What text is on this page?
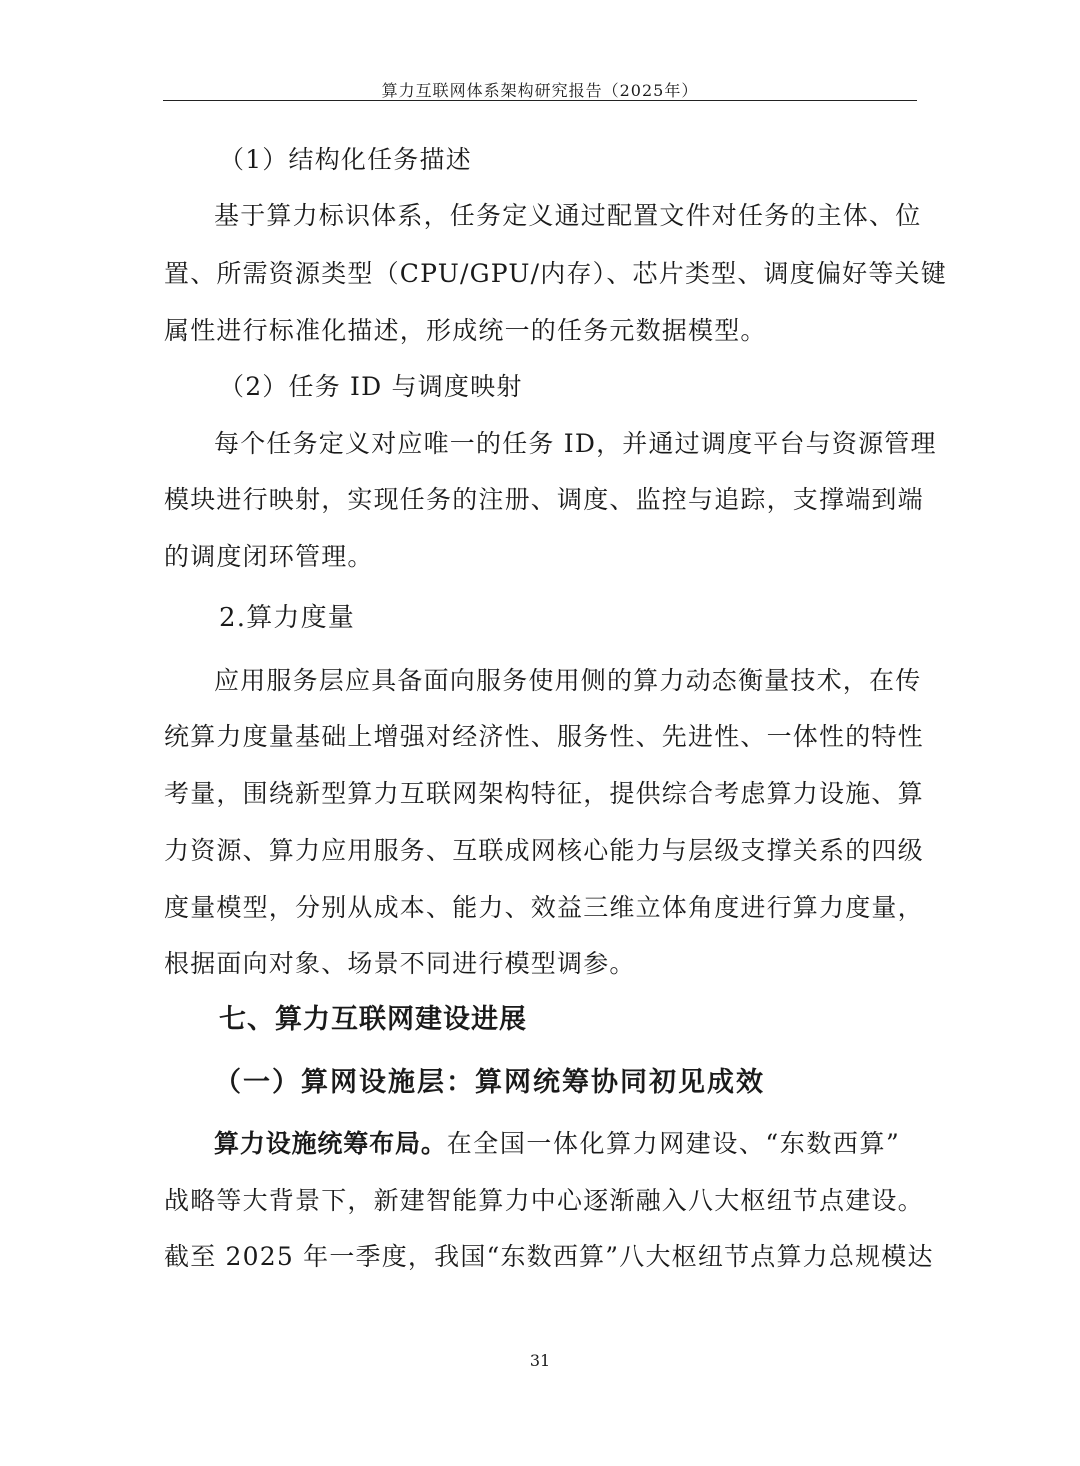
算力互联网体系架构研究报告（2025年）
（1）结构化任务描述
基于算力标识体系，任务定义通过配置文件对任务的主体、位
置、所需资源类型（CPU/GPU/内存）、芯片类型、调度偏好等关键
属性进行标准化描述，形成统一的任务元数据模型。
（2）任务 ID 与调度映射
每个任务定义对应唯一的任务 ID，并通过调度平台与资源管理
模块进行映射，实现任务的注册、调度、监控与追踪，支撑端到端
的调度闭环管理。
2.算力度量
应用服务层应具备面向服务使用侧的算力动态衡量技术，在传
统算力度量基础上增强对经济性、服务性、先进性、一体性的特性
考量，围绕新型算力互联网架构特征，提供综合考虑算力设施、算
力资源、算力应用服务、互联成网核心能力与层级支撑关系的四级
度量模型，分别从成本、能力、效益三维立体角度进行算力度量，
根据面向对象、场景不同进行模型调参。
七、算力互联网建设进展
（一）算网设施层：算网统筹协同初见成效
算力设施统筹布局。在全国一体化算力网建设、“东数西算”
战略等大背景下，新建智能算力中心逐渐融入八大枢纽节点建设。
截至 2025 年一季度，我国“东数西算”八大枢纽节点算力总规模达
31
